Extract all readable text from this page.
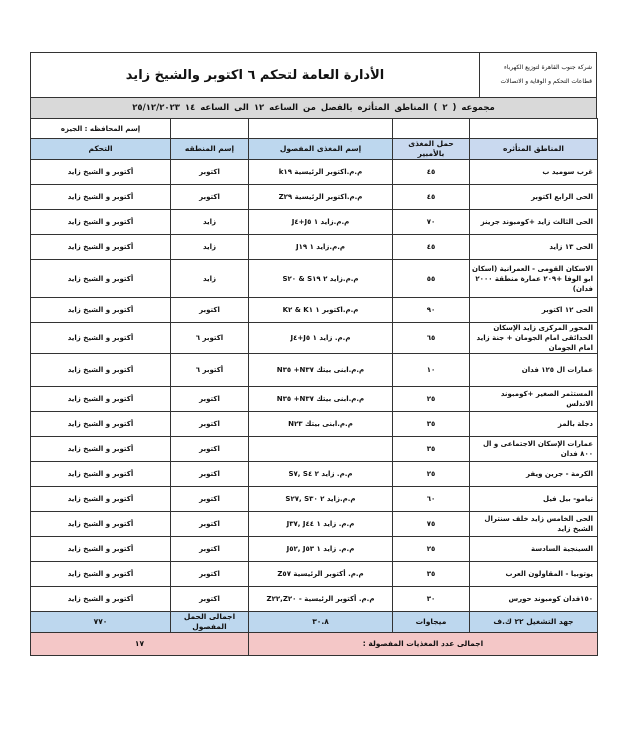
الأدارة العامة لتحكم ٦ اكتوبر والشيخ زايد	شركة جنوب القاهرة لتوزيع الكهرباء
قطاعات التحكم و الوقاية و الاتصالات
مجموعه ( ٢ ) المناطق المتأثره بالفصل من الساعه ١٢ الى الساعه ١٤ ٢٥/١٢/٢٠٢٣
				إسم المحافظه : الجيزه
المناطق المتأثره	حمل المغذى بالأمبير	إسم المغذى المفصول	إسم المنطقه	التحكم
غرب سوميد ب	٤٥	م.م.اكتوبر الرئيسية k١٩	اكتوبر	أكتوبر و الشيخ زايد
الحى الرابع اكتوبر	٤٥	م.م.اكتوبر الرئيسية Z٢٩	اكتوبر	أكتوبر و الشيخ زايد
الحى الثالث زايد +كومبوند جرينز	٧٠	م.م.زايد ١ J٥+J٤	زايد	أكتوبر و الشيخ زايد
الحى ١٣ زايد	٤٥	م.م.زايد ١ J١٩	زايد	أكتوبر و الشيخ زايد
الاسكان القومى - العمرانية (اسكان ابو الوفا +٢٠٩ عمارة منطقة ٢٠٠٠ فدان)	٥٥	م.م.زايد ٢ S١٩ & S٢٠	زايد	أكتوبر و الشيخ زايد
الحى ١٢ اكتوبر	٩٠	م.م.اكتوبر ١ K١ & K٢	اكتوبر	أكتوبر و الشيخ زايد
المحور المركزى زايد الإسكان الحدائقى امام الجومان + جنة زايد امام الجومان	٦٥	م.م. زايد ١ J٥+J٤	اكتوبر ٦	أكتوبر و الشيخ زايد
عمارات ال ١٢٥ فدان	١٠	م.م.ابنى بيتك N٣٧+ N٣٥	أكتوبر ٦	أكتوبر و الشيخ زايد
المستثمر الصغير +كومبوند الاندلس	٢٥	م.م.ابنى بيتك N٣٧+ N٣٥	اكتوبر	أكتوبر و الشيخ زايد
دجلة بالمز	٣٥	م.م.ابنى بيتك N٢٣	اكتوبر	أكتوبر و الشيخ زايد
عمارات الإسكان الاجتماعى و ال ٨٠٠ فدان	٣٥		اكتوبر	أكتوبر و الشيخ زايد
الكرمة - جرين ويفر	٢٥	م.م. زايد ٢ S٤ ,S٧	اكتوبر	أكتوبر و الشيخ زايد
تيامو- بيل فيل	٦٠	م.م.زايد ٢ S٣٠ ,S٢٧	اكتوبر	أكتوبر و الشيخ زايد
الحى الخامس زايد خلف سنترال الشيخ زايد	٧٥	م.م. زايد ١ J٤٤ ,J٣٧	اكتوبر	أكتوبر و الشيخ زايد
السينجية السادسة	٢٥	م.م. زايد ١ J٥٣ ,J٥٢	اكتوبر	أكتوبر و الشيخ زايد
يوتوبيا - المقاولون العرب	٣٥	م.م. أكتوبر الرئيسية Z٥٧	اكتوبر	أكتوبر و الشيخ زايد
١٥٠فدان كومبوند حورس	٣٠	م.م. أكتوبر الرئيسية - Z٢٠,Z٢٢	اكتوبر	أكتوبر و الشيخ زايد
جهد التشغيل ٢٢ ك.ف	ميجاوات	٣٠.٨	اجمالى الحمل المفصول	٧٧٠
اجمالى عدد المغذيات المفصولة :			١٧	
